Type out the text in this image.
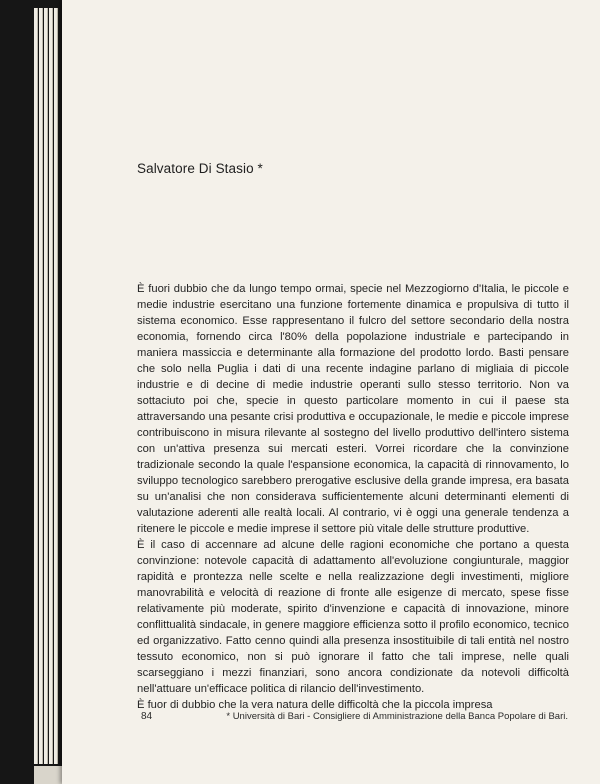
Salvatore Di Stasio *

È fuori dubbio che da lungo tempo ormai, specie nel Mezzogiorno d'Italia, le piccole e medie industrie esercitano una funzione fortemente dinamica e propulsiva di tutto il sistema economico. Esse rappresentano il fulcro del settore secondario della nostra economia, fornendo circa l'80% della popolazione industriale e partecipando in maniera massiccia e determinante alla formazione del prodotto lordo. Basti pensare che solo nella Puglia i dati di una recente indagine parlano di migliaia di piccole industrie e di decine di medie industrie operanti sullo stesso territorio. Non va sottaciuto poi che, specie in questo particolare momento in cui il paese sta attraversando una pesante crisi produttiva e occupazionale, le medie e piccole imprese contribuiscono in misura rilevante al sostegno del livello produttivo dell'intero sistema con un'attiva presenza sui mercati esteri. Vorrei ricordare che la convinzione tradizionale secondo la quale l'espansione economica, la capacità di rinnovamento, lo sviluppo tecnologico sarebbero prerogative esclusive della grande impresa, era basata su un'analisi che non considerava sufficientemente alcuni determinanti elementi di valutazione aderenti alle realtà locali. Al contrario, vi è oggi una generale tendenza a ritenere le piccole e medie imprese il settore più vitale delle strutture produttive.

È il caso di accennare ad alcune delle ragioni economiche che portano a questa convinzione: notevole capacità di adattamento all'evoluzione congiunturale, maggior rapidità e prontezza nelle scelte e nella realizzazione degli investimenti, migliore manovrabilità e velocità di reazione di fronte alle esigenze di mercato, spese fisse relativamente più moderate, spirito d'invenzione e capacità di innovazione, minore conflittualità sindacale, in genere maggiore efficienza sotto il profilo economico, tecnico ed organizzativo. Fatto cenno quindi alla presenza insostituibile di tali entità nel nostro tessuto economico, non si può ignorare il fatto che tali imprese, nelle quali scarseggiano i mezzi finanziari, sono ancora condizionate da notevoli difficoltà nell'attuare un'efficace politica di rilancio dell'investimento.

È fuor di dubbio che la vera natura delle difficoltà che la piccola impresa

84	* Università di Bari - Consigliere di Amministrazione della Banca Popolare di Bari.
